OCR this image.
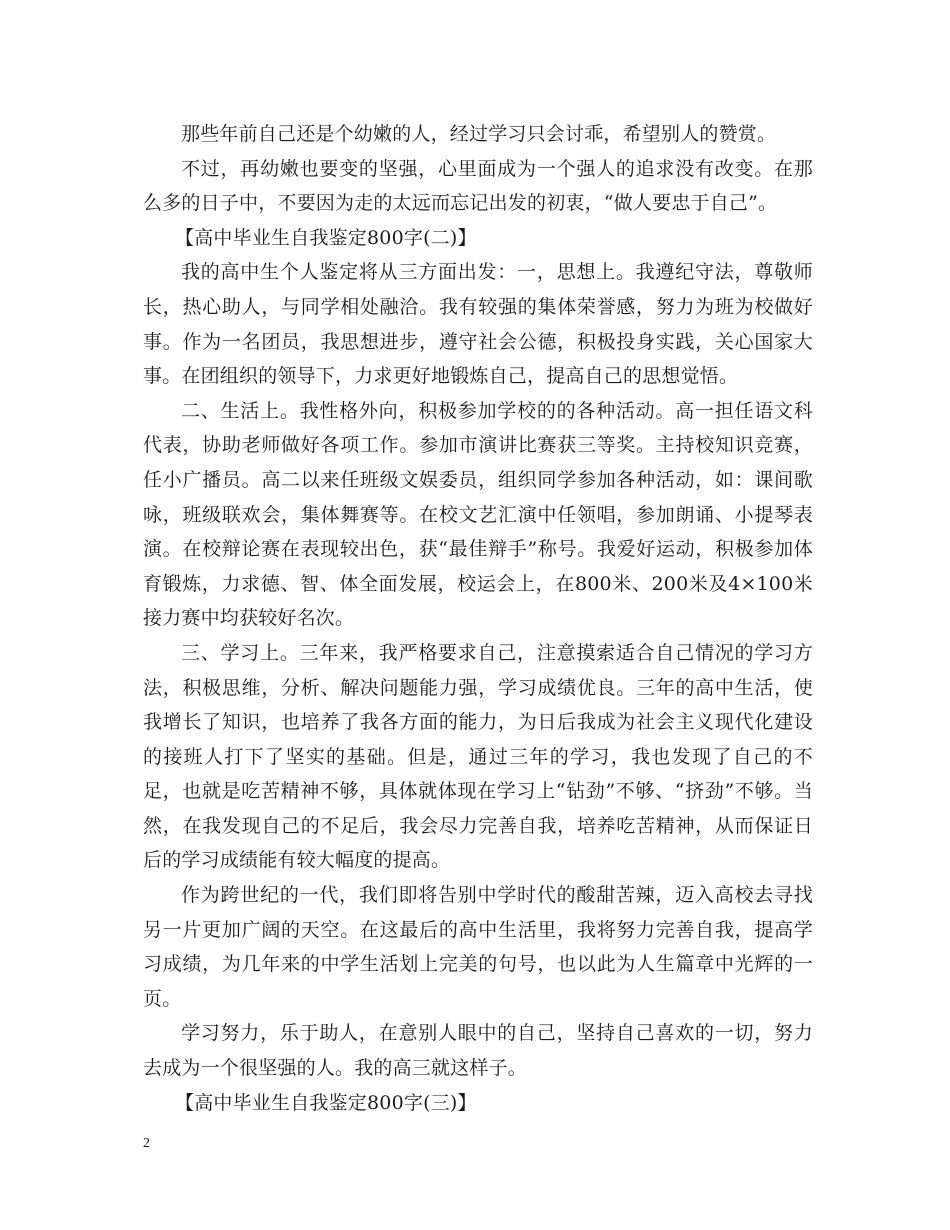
那些年前自己还是个幼嫩的人，经过学习只会讨乖，希望别人的赞赏。

不过，再幼嫩也要变的坚强，心里面成为一个强人的追求没有改变。在那么多的日子中，不要因为走的太远而忘记出发的初衷，“做人要忠于自己”。

【高中毕业生自我鉴定800字(二)】

我的高中生个人鉴定将从三方面出发：一，思想上。我遵纪守法，尊敬师长，热心助人，与同学相处融洽。我有较强的集体荣誉感，努力为班为校做好事。作为一名团员，我思想进步，遵守社会公德，积极投身实践，关心国家大事。在团组织的领导下，力求更好地锻炼自己，提高自己的思想觉悟。

二、生活上。我性格外向，积极参加学校的的各种活动。高一担任语文科代表，协助老师做好各项工作。参加市演讲比赛获三等奖。主持校知识竞赛，任小广播员。高二以来任班级文娱委员，组织同学参加各种活动，如：课间歌咏，班级联欢会，集体舞赛等。在校文艺汇演中任领唱，参加朗诵、小提琴表演。在校辩论赛在表现较出色，获“最佳辩手”称号。我爱好运动，积极参加体育锻炼，力求德、智、体全面发展，校运会上，在800米、200米及4×100米接力赛中均获较好名次。

三、学习上。三年来，我严格要求自己，注意摸索适合自己情况的学习方法，积极思维，分析、解决问题能力强，学习成绩优良。三年的高中生活，使我增长了知识，也培养了我各方面的能力，为日后我成为社会主义现代化建设的接班人打下了坚实的基础。但是，通过三年的学习，我也发现了自己的不足，也就是吃苦精神不够，具体就体现在学习上“钻劲”不够、“挤劲”不够。当然，在我发现自己的不足后，我会尽力完善自我，培养吃苦精神，从而保证日后的学习成绩能有较大幅度的提高。

作为跨世纪的一代，我们即将告别中学时代的酸甜苦辣，迈入高校去寻找另一片更加广阔的天空。在这最后的高中生活里，我将努力完善自我，提高学习成绩，为几年来的中学生活划上完美的句号，也以此为人生篇章中光辉的一页。

学习努力，乐于助人，在意别人眼中的自己，坚持自己喜欢的一切，努力去成为一个很坚强的人。我的高三就这样子。

【高中毕业生自我鉴定800字(三)】

2
